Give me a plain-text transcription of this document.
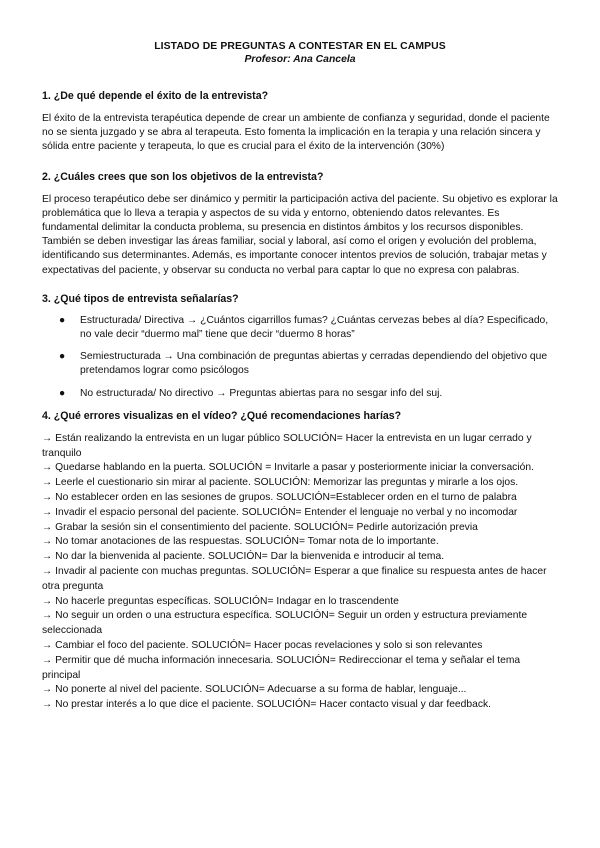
LISTADO DE PREGUNTAS A CONTESTAR EN EL CAMPUS
Profesor: Ana Cancela
1. ¿De qué depende el éxito de la entrevista?

El éxito de la entrevista terapéutica depende de crear un ambiente de confianza y seguridad, donde el paciente no se sienta juzgado y se abra al terapeuta. Esto fomenta la implicación en la terapia y una relación sincera y sólida entre paciente y terapeuta, lo que es crucial para el éxito de la intervención (30%)

2. ¿Cuáles crees que son los objetivos de la entrevista?

El proceso terapéutico debe ser dinámico y permitir la participación activa del paciente. Su objetivo es explorar la problemática que lo lleva a terapia y aspectos de su vida y entorno, obteniendo datos relevantes. Es fundamental delimitar la conducta problema, su presencia en distintos ámbitos y los recursos disponibles. También se deben investigar las áreas familiar, social y laboral, así como el origen y evolución del problema, identificando sus determinantes. Además, es importante conocer intentos previos de solución, trabajar metas y expectativas del paciente, y observar su conducta no verbal para captar lo que no expresa con palabras.

3. ¿Qué tipos de entrevista señalarías?
● Estructurada/ Directiva → ¿Cuántos cigarrillos fumas? ¿Cuántas cervezas bebes al día? Especificado, no vale decir “duermo mal” tiene que decir “duermo 8 horas”
● Semiestructurada → Una combinación de preguntas abiertas y cerradas dependiendo del objetivo que pretendamos lograr como psicólogos
● No estructurada/ No directivo → Preguntas abiertas para no sesgar info del suj.
4. ¿Qué errores visualizas en el vídeo? ¿Qué recomendaciones harías?

→ Están realizando la entrevista en un lugar público SOLUCIÓN= Hacer la entrevista en un lugar cerrado y tranquilo

→ Quedarse hablando en la puerta. SOLUCIÓN = Invitarle a pasar y posteriormente iniciar la conversación.

→ Leerle el cuestionario sin mirar al paciente. SOLUCIÓN: Memorizar las preguntas y mirarle a los ojos.

→ No establecer orden en las sesiones de grupos. SOLUCIÓN=Establecer orden en el turno de palabra

→ Invadir el espacio personal del paciente. SOLUCIÓN= Entender el lenguaje no verbal y no incomodar

→ Grabar la sesión sin el consentimiento del paciente. SOLUCIÓN= Pedirle autorización previa

→ No tomar anotaciones de las respuestas. SOLUCIÓN= Tomar nota de lo importante.

→ No dar la bienvenida al paciente. SOLUCIÓN= Dar la bienvenida e introducir al tema.

→ Invadir al paciente con muchas preguntas. SOLUCIÓN= Esperar a que finalice su respuesta antes de hacer otra pregunta

→ No hacerle preguntas específicas. SOLUCIÓN= Indagar en lo trascendente

→ No seguir un orden o una estructura específica. SOLUCIÓN= Seguir un orden y estructura previamente seleccionada

→ Cambiar el foco del paciente. SOLUCIÓN= Hacer pocas revelaciones y solo si son relevantes

→ Permitir que dé mucha información innecesaria. SOLUCIÓN= Redireccionar el tema y señalar el tema principal

→ No ponerte al nivel del paciente. SOLUCIÓN= Adecuarse a su forma de hablar, lenguaje...

→ No prestar interés a lo que dice el paciente. SOLUCIÓN= Hacer contacto visual y dar feedback.
